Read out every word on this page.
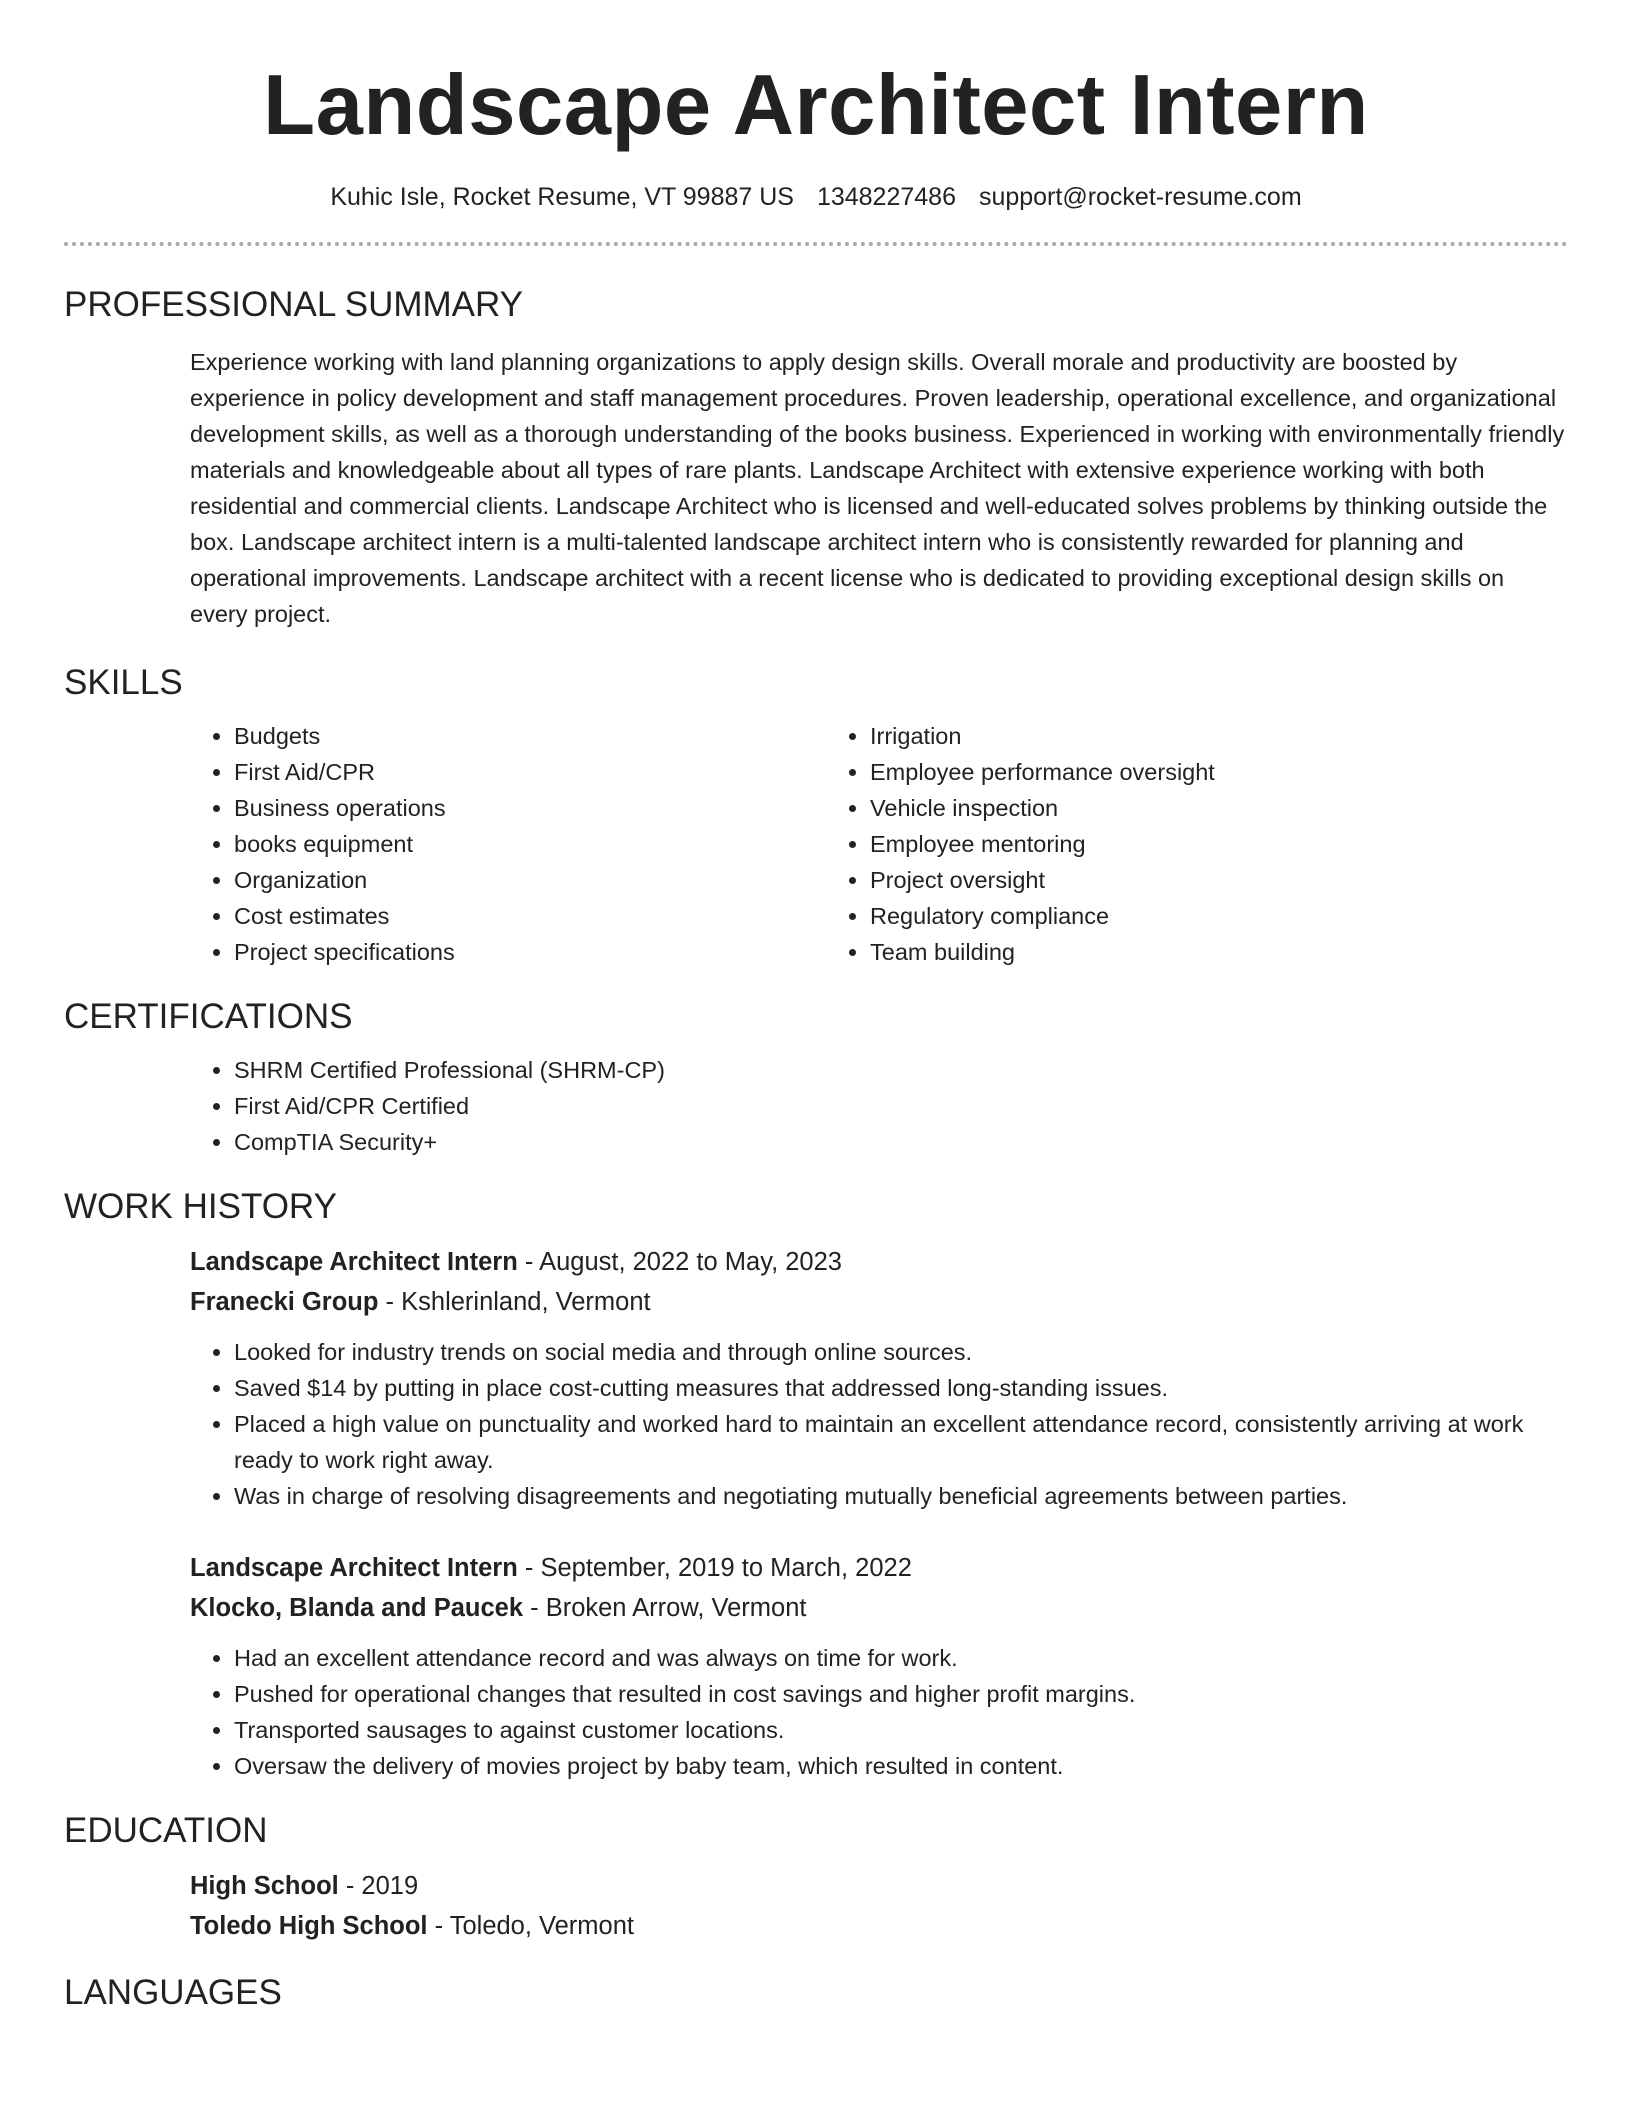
Landscape Architect Intern
Kuhic Isle, Rocket Resume, VT 99887 US 1348227486 support@rocket-resume.com
PROFESSIONAL SUMMARY
Experience working with land planning organizations to apply design skills. Overall morale and productivity are boosted by experience in policy development and staff management procedures. Proven leadership, operational excellence, and organizational development skills, as well as a thorough understanding of the books business. Experienced in working with environmentally friendly materials and knowledgeable about all types of rare plants. Landscape Architect with extensive experience working with both residential and commercial clients. Landscape Architect who is licensed and well-educated solves problems by thinking outside the box. Landscape architect intern is a multi-talented landscape architect intern who is consistently rewarded for planning and operational improvements. Landscape architect with a recent license who is dedicated to providing exceptional design skills on every project.
SKILLS
• Budgets
• First Aid/CPR
• Business operations
• books equipment
• Organization
• Cost estimates
• Project specifications
• Irrigation
• Employee performance oversight
• Vehicle inspection
• Employee mentoring
• Project oversight
• Regulatory compliance
• Team building
CERTIFICATIONS
• SHRM Certified Professional (SHRM-CP)
• First Aid/CPR Certified
• CompTIA Security+
WORK HISTORY
Landscape Architect Intern - August, 2022 to May, 2023
Franecki Group - Kshlerinland, Vermont
• Looked for industry trends on social media and through online sources.
• Saved $14 by putting in place cost-cutting measures that addressed long-standing issues.
• Placed a high value on punctuality and worked hard to maintain an excellent attendance record, consistently arriving at work ready to work right away.
• Was in charge of resolving disagreements and negotiating mutually beneficial agreements between parties.
Landscape Architect Intern - September, 2019 to March, 2022
Klocko, Blanda and Paucek - Broken Arrow, Vermont
• Had an excellent attendance record and was always on time for work.
• Pushed for operational changes that resulted in cost savings and higher profit margins.
• Transported sausages to against customer locations.
• Oversaw the delivery of movies project by baby team, which resulted in content.
EDUCATION
High School - 2019
Toledo High School - Toledo, Vermont
LANGUAGES
